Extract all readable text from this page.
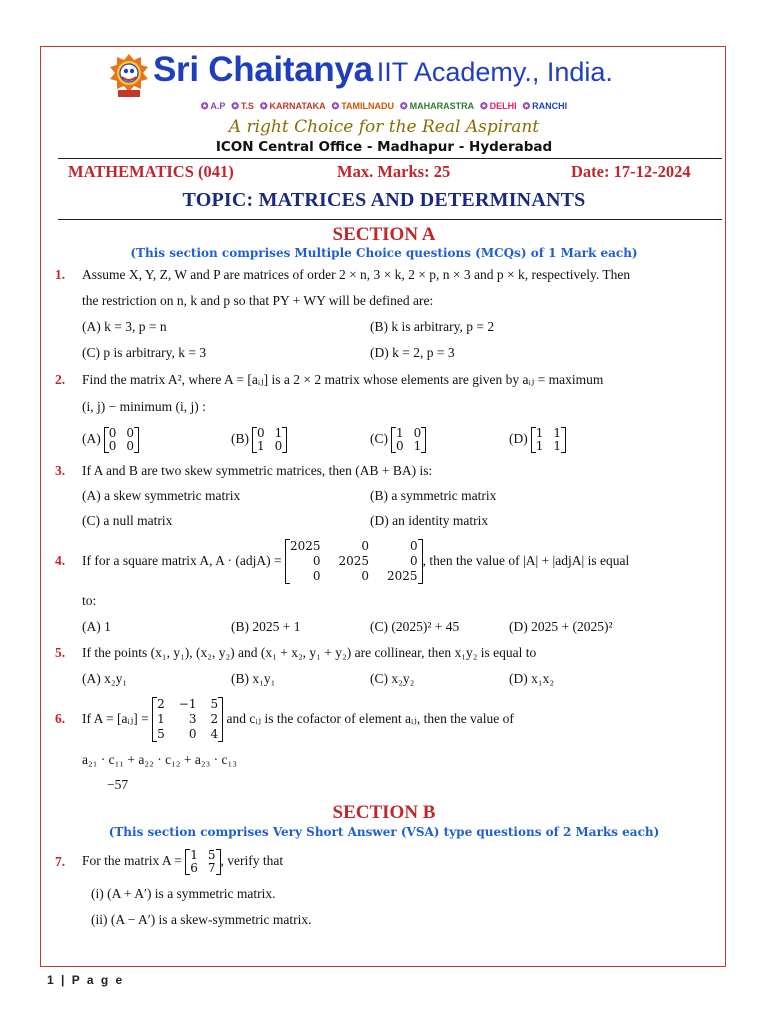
Sri Chaitanya IIT Academy., India.
✪ A.P ✪ T.S ✪ KARNATAKA ✪ TAMILNADU ✪ MAHARASTRA ✪ DELHI ✪ RANCHI
A right Choice for the Real Aspirant
ICON Central Office - Madhapur - Hyderabad
MATHEMATICS (041)	Max. Marks: 25	Date: 17-12-2024
TOPIC: MATRICES AND DETERMINANTS
SECTION A
(This section comprises Multiple Choice questions (MCQs) of 1 Mark each)
1. Assume X, Y, Z, W and P are matrices of order 2 × n, 3 × k, 2 × p, n × 3 and p × k, respectively. Then
the restriction on n, k and p so that PY + WY will be defined are:
(A) k = 3, p = n	(B) k is arbitrary, p = 2
(C) p is arbitrary, k = 3	(D) k = 2, p = 3
2. Find the matrix A², where A = [aᵢⱼ] is a 2 × 2 matrix whose elements are given by aᵢⱼ = maximum
(i, j) − minimum (i, j) :
(A) 0 0
0 0	(B) 0 1
1 0	(C) 1 0
0 1	(D) 1 1
1 1
3. If A and B are two skew symmetric matrices, then (AB + BA) is:
(A) a skew symmetric matrix	(B) a symmetric matrix
(C) a null matrix	(D) an identity matrix
4. If for a square matrix A, A · (adjA) =
2025	0	0
0 2025	0
0	0 2025
, then the value of |A| + |adjA| is equal
to:
(A) 1	(B) 2025 + 1	(C) (2025)² + 45	(D) 2025 + (2025)²
5. If the points (x₁, y₁), (x₂, y₂) and (x₁ + x₂, y₁ + y₂) are collinear, then x₁y₂ is equal to
(A) x₂y₁	(B) x₁y₁	(C) x₂y₂	(D) x₁x₂
6. If A = [aᵢⱼ] =
2 −1 5
1	3 2
5	0 4
and cᵢⱼ is the cofactor of element aᵢⱼ, then the value of
a₂₁ · c₁₁ + a₂₂ · c₁₂ + a₂₃ · c₁₃
−57
SECTION B
(This section comprises Very Short Answer (VSA) type questions of 2 Marks each)
7. For the matrix A = 1 5
6 7 , verify that
(i) (A + A′) is a symmetric matrix.
(ii) (A − A′) is a skew-symmetric matrix.
1 | P a g e
